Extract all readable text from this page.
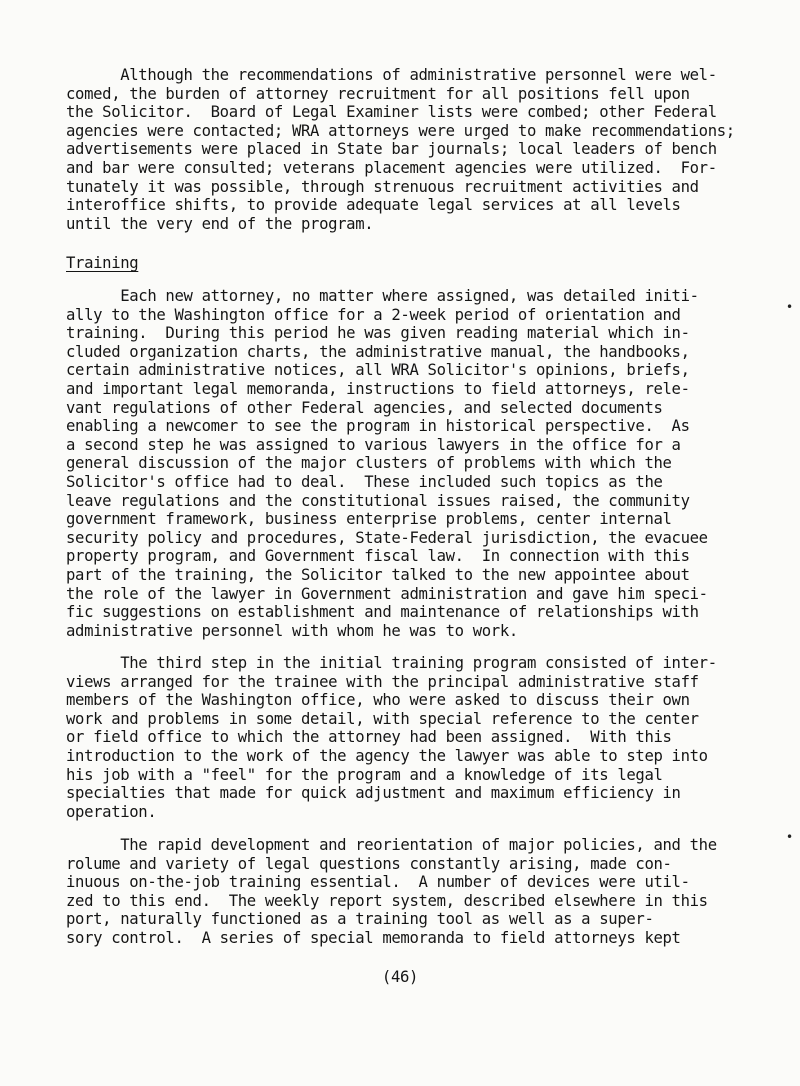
Although the recommendations of administrative personnel were wel-
comed, the burden of attorney recruitment for all positions fell upon
the Solicitor.  Board of Legal Examiner lists were combed; other Federal
agencies were contacted; WRA attorneys were urged to make recommendations;
advertisements were placed in State bar journals; local leaders of bench
and bar were consulted; veterans placement agencies were utilized.  For-
tunately it was possible, through strenuous recruitment activities and
interoffice shifts, to provide adequate legal services at all levels
until the very end of the program.
Training
Each new attorney, no matter where assigned, was detailed initi-
ally to the Washington office for a 2-week period of orientation and
training.  During this period he was given reading material which in-
cluded organization charts, the administrative manual, the handbooks,
certain administrative notices, all WRA Solicitor's opinions, briefs,
and important legal memoranda, instructions to field attorneys, rele-
vant regulations of other Federal agencies, and selected documents
enabling a newcomer to see the program in historical perspective.  As
a second step he was assigned to various lawyers in the office for a
general discussion of the major clusters of problems with which the
Solicitor's office had to deal.  These included such topics as the
leave regulations and the constitutional issues raised, the community
government framework, business enterprise problems, center internal
security policy and procedures, State-Federal jurisdiction, the evacuee
property program, and Government fiscal law.  In connection with this
part of the training, the Solicitor talked to the new appointee about
the role of the lawyer in Government administration and gave him speci-
fic suggestions on establishment and maintenance of relationships with
administrative personnel with whom he was to work.
The third step in the initial training program consisted of inter-
views arranged for the trainee with the principal administrative staff
members of the Washington office, who were asked to discuss their own
work and problems in some detail, with special reference to the center
or field office to which the attorney had been assigned.  With this
introduction to the work of the agency the lawyer was able to step into
his job with a "feel" for the program and a knowledge of its legal
specialties that made for quick adjustment and maximum efficiency in
operation.
The rapid development and reorientation of major policies, and the
rolume and variety of legal questions constantly arising, made con-
inuous on-the-job training essential.  A number of devices were util-
zed to this end.  The weekly report system, described elsewhere in this
port, naturally functioned as a training tool as well as a super-
sory control.  A series of special memoranda to field attorneys kept
(46)
•
•
